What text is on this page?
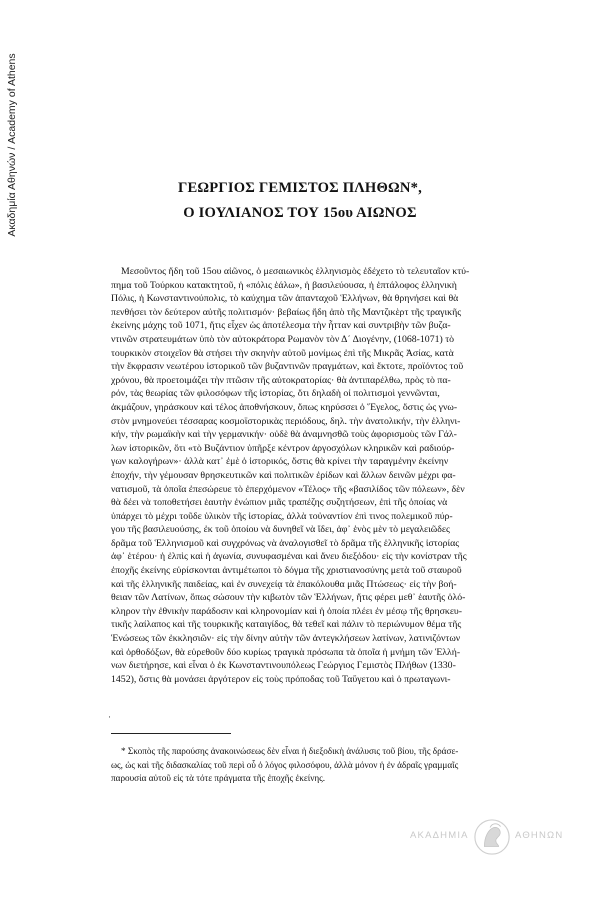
Ακαδημία Αθηνών / Academy of Athens	ΓΕΩΡΓΙΟΣ ΓΕΜΙΣΤΟΣ ΠΛΗΘΩΝ*,
Ο ΙΟΥΛΙΑΝΟΣ ΤΟΥ 15ου ΑΙΩΝΟΣ
Μεσοῦντος ἤδη τοῦ 15ου αἰῶνος, ὁ μεσαιωνικὸς ἑλληνισμὸς ἐδέχετο τὸ τελευταῖον κτύ-
πημα τοῦ Τούρκου κατακτητοῦ, ἡ «πόλις ἑάλω», ἡ βασιλεύουσα, ἡ ἑπτάλοφος ἑλληνικὴ
Πόλις, ἡ Κωνσταντινούπολις, τὸ καύχημα τῶν ἁπανταχοῦ Ἑλλήνων, θὰ θρηνήσει καὶ θὰ
πενθήσει τὸν δεύτερον αὐτῆς πολιτισμόν· βεβαίως ἤδη ἀπὸ τῆς Μαντζικὲρτ τῆς τραγικῆς
ἐκείνης μάχης τοῦ 1071, ἥτις εἶχεν ὡς ἀποτέλεσμα τὴν ἧτταν καὶ συντριβὴν τῶν βυζα-
ντινῶν στρατευμάτων ὑπὸ τὸν αὐτοκράτορα Ρωμανὸν τὸν Δ΄ Διογένην, (1068-1071) τὸ
τουρκικὸν στοιχεῖον θὰ στήσει τὴν σκηνὴν αὐτοῦ μονίμως ἐπὶ τῆς Μικρᾶς Ἀσίας, κατὰ
τὴν ἔκφρασιν νεωτέρου ἱστορικοῦ τῶν βυζαντινῶν πραγμάτων, καὶ ἔκτοτε, προϊόντος τοῦ
χρόνου, θὰ προετοιμάζει τὴν πτῶσιν τῆς αὐτοκρατορίας· θὰ ἀντιπαρέλθω, πρὸς τὸ πα-
ρόν, τὰς θεωρίας τῶν φιλοσόφων τῆς ἱστορίας, ὅτι δηλαδὴ οἱ πολιτισμοὶ γεννῶνται,
ἀκμάζουν, γηράσκουν καὶ τέλος ἀποθνήσκουν, ὅπως κηρύσσει ὁ Ἕγελος, ὅστις ὡς γνω-
στὸν μνημονεύει τέσσαρας κοσμοϊστορικὰς περιόδους, δηλ. τὴν ἀνατολικήν, τὴν ἑλληνι-
κήν, τὴν ρωμαϊκὴν καὶ τὴν γερμανικήν· οὐδὲ θὰ ἀναμνησθῶ τοὺς ἀφορισμοὺς τῶν Γάλ-
λων ἱστορικῶν, ὅτι «τὸ Βυζάντιον ὑπῆρξε κέντρον ἀργοσχόλων κληρικῶν καὶ ραδιούρ-
γων καλογήρων»· ἀλλὰ κατ᾽ ἐμὲ ὁ ἱστορικός, ὅστις θὰ κρίνει τὴν ταραγμένην ἐκείνην
ἐποχήν, τὴν γέμουσαν θρησκευτικῶν καὶ πολιτικῶν ἐρίδων καὶ ἄλλων δεινῶν μέχρι φα-
νατισμοῦ, τὰ ὁποῖα ἐπεσώρευε τὸ ἐπερχόμενον «Τέλος» τῆς «βασιλίδος τῶν πόλεων», δὲν
θὰ δέει νὰ τοποθετήσει ἑαυτὴν ἐνώπιον μιᾶς τραπέζης συζητήσεων, ἐπὶ τῆς ὁποίας νὰ
ὑπάρχει τὸ μέχρι τοῦδε ὑλικὸν τῆς ἱστορίας, ἀλλὰ τοὐναντίον ἐπὶ τινος πολεμικοῦ πύρ-
γου τῆς βασιλευούσης, ἐκ τοῦ ὁποίου νὰ δυνηθεῖ νὰ ἴδει, ἀφ᾽ ἑνὸς μὲν τὸ μεγαλειῶδες
δρᾶμα τοῦ Ἑλληνισμοῦ καὶ συγχρόνως νὰ ἀναλογισθεῖ τὸ δρᾶμα τῆς ἑλληνικῆς ἱστορίας
ἀφ᾽ ἑτέρου· ἡ ἐλπὶς καὶ ἡ ἀγωνία, συνυφασμέναι καὶ ἄνευ διεξόδου· εἰς τὴν κονίστραν τῆς
ἐποχῆς ἐκείνης εὑρίσκονται ἀντιμέτωποι τὸ δόγμα τῆς χριστιανοσύνης μετὰ τοῦ σταυροῦ
καὶ τῆς ἑλληνικῆς παιδείας, καὶ ἐν συνεχείᾳ τὰ ἐπακόλουθα μιᾶς Πτώσεως· εἰς τὴν βοή-
θειαν τῶν Λατίνων, ὅπως σώσουν τὴν κιβωτὸν τῶν Ἑλλήνων, ἥτις φέρει μεθ᾽ ἑαυτῆς ὁλό-
κληρον τὴν ἐθνικὴν παράδοσιν καὶ κληρονομίαν καὶ ἡ ὁποία πλέει ἐν μέσῳ τῆς θρησκευ-
τικῆς λαίλαπος καὶ τῆς τουρκικῆς καταιγίδος, θὰ τεθεῖ καὶ πάλιν τὸ περιώνυμον θέμα τῆς
Ἑνώσεως τῶν ἐκκλησιῶν· εἰς τὴν δίνην αὐτὴν τῶν ἀντεγκλήσεων λατίνων, λατινιζόντων
καὶ ὀρθοδόξων, θὰ εὑρεθοῦν δύο κυρίως τραγικὰ πρόσωπα τὰ ὁποῖα ἡ μνήμη τῶν Ἑλλή-
νων διετήρησε, καὶ εἶναι ὁ ἐκ Κωνσταντινουπόλεως Γεώργιος Γεμιστὸς Πλήθων (1330-
1452), ὅστις θὰ μονάσει ἀργότερον εἰς τοὺς πρόποδας τοῦ Ταΰγετου καὶ ὁ πρωταγωνι-
·
* Σκοπὸς τῆς παρούσης ἀνακοινώσεως δὲν εἶναι ἡ διεξοδικὴ ἀνάλυσις τοῦ βίου, τῆς δράσε-
ως, ὡς καὶ τῆς διδασκαλίας τοῦ περὶ οὗ ὁ λόγος φιλοσόφου, ἀλλὰ μόνον ἡ ἐν ἀδραῖς γραμμαῖς
παρουσία αὐτοῦ εἰς τὰ τότε πράγματα τῆς ἐποχῆς ἐκείνης.
ΑΚΑΔΗΜΙΑ	ΑΘΗΝΩΝ
